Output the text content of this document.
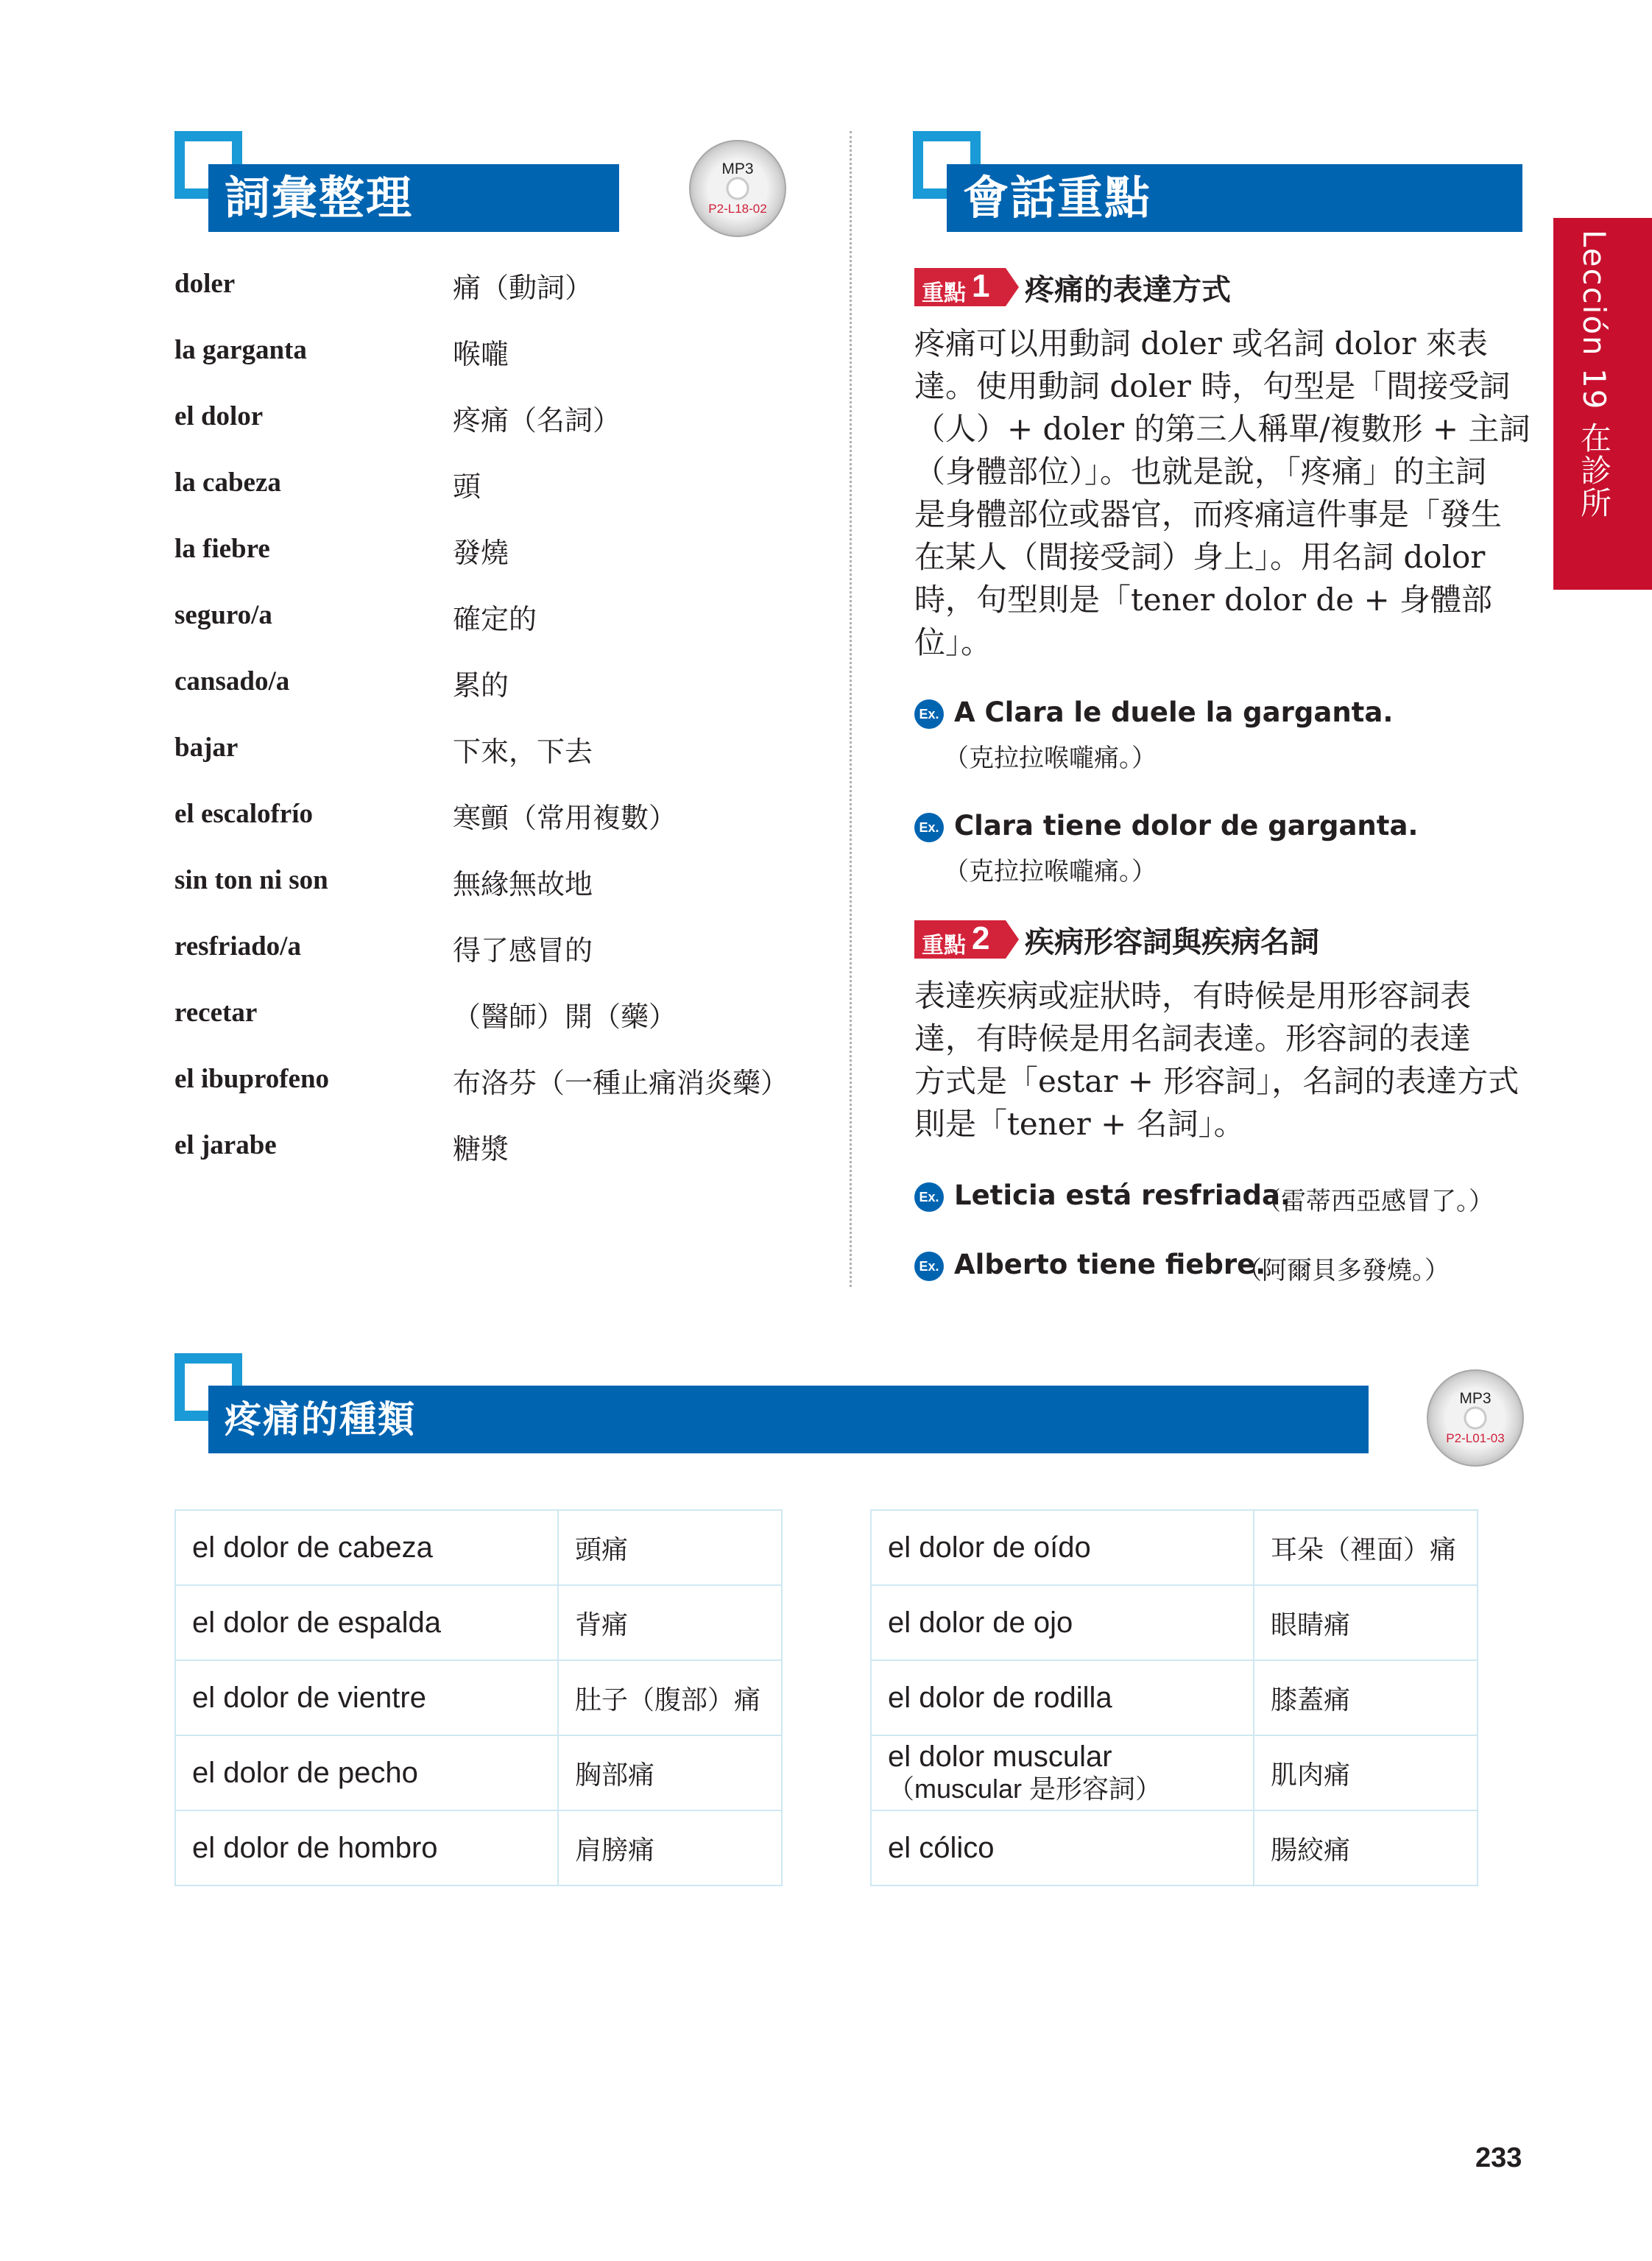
詞彙整理
MP3
P2-L18-02
doler	痛（動詞）
la garganta	喉嚨
el dolor	疼痛（名詞）
la cabeza	頭
la fiebre	發燒
seguro/a	確定的
cansado/a	累的
bajar	下來，下去
el escalofrío	寒顫（常用複數）
sin ton ni son	無緣無故地
resfriado/a	得了感冒的
recetar	（醫師）開（藥）
el ibuprofeno	布洛芬（一種止痛消炎藥）
el jarabe	糖漿
會話重點
重點 1 疼痛的表達方式
疼痛可以用動詞 doler 或名詞 dolor 來表
達。使用動詞 doler 時，句型是「間接受詞
（人）+ doler 的第三人稱單/複數形 + 主詞
（身體部位）」。也就是說，「疼痛」的主詞
是身體部位或器官，而疼痛這件事是「發生
在某人（間接受詞）身上」。用名詞 dolor
時，句型則是「tener dolor de + 身體部
位」。
Ex. A Clara le duele la garganta.
（克拉拉喉嚨痛。）
Ex. Clara tiene dolor de garganta.
（克拉拉喉嚨痛。）
重點 2 疾病形容詞與疾病名詞
表達疾病或症狀時，有時候是用形容詞表
達，有時候是用名詞表達。形容詞的表達
方式是「estar + 形容詞」，名詞的表達方式
則是「tener + 名詞」。
Ex. Leticia está resfriada.
（雷蒂西亞感冒了。）
Ex. Alberto tiene fiebre.
（阿爾貝多發燒。）
Lección 19 在診所
疼痛的種類	MP3
P2-L01-03
el dolor de cabeza	頭痛
el dolor de espalda	背痛
el dolor de vientre	肚子（腹部）痛
el dolor de pecho	胸部痛
el dolor de hombro	肩膀痛
el dolor de oído	耳朵（裡面）痛
el dolor de ojo	眼睛痛
el dolor de rodilla	膝蓋痛

el dolor muscular
（muscular 是形容詞）	肌肉痛
el cólico	腸絞痛
233
